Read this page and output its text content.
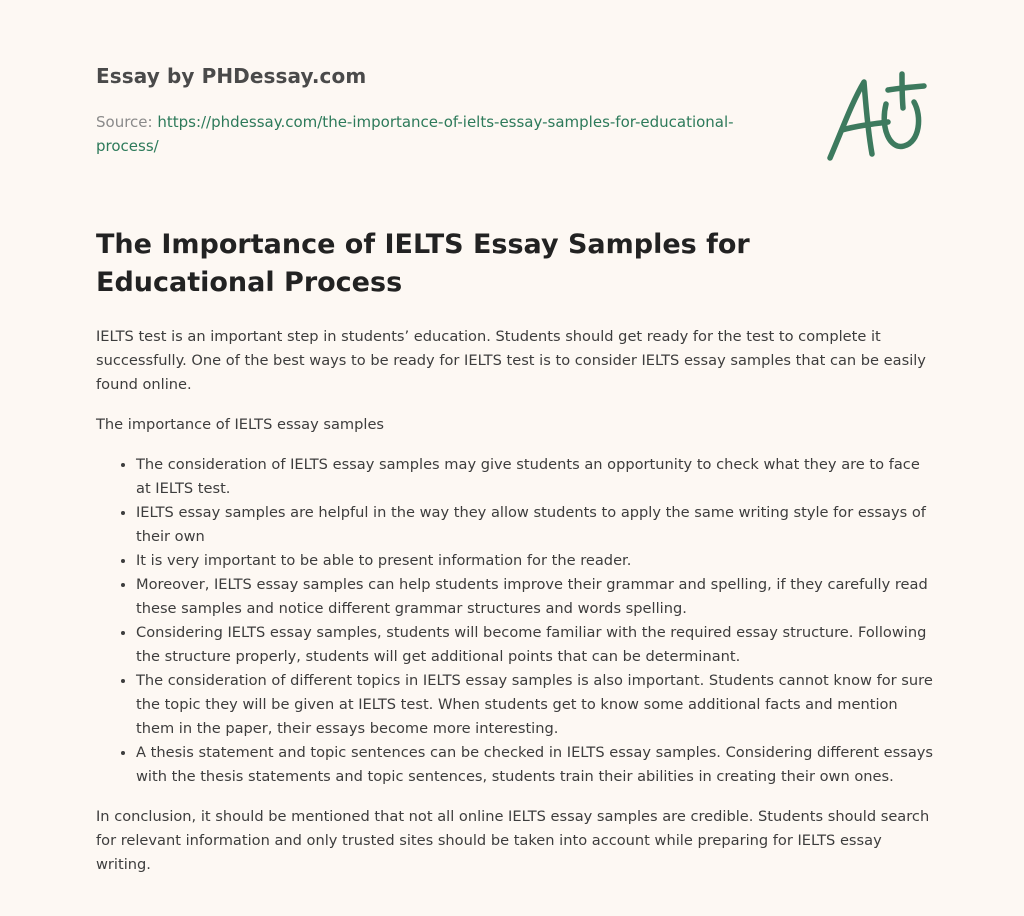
Essay by PHDessay.com
Source: https://phdessay.com/the-importance-of-ielts-essay-samples-for-educational-process/
The Importance of IELTS Essay Samples for Educational Process

IELTS test is an important step in students’ education. Students should get ready for the test to complete it successfully. One of the best ways to be ready for IELTS test is to consider IELTS essay samples that can be easily found online.

The importance of IELTS essay samples

• The consideration of IELTS essay samples may give students an opportunity to check what they are to face at IELTS test.
• IELTS essay samples are helpful in the way they allow students to apply the same writing style for essays of their own
• It is very important to be able to present information for the reader.
• Moreover, IELTS essay samples can help students improve their grammar and spelling, if they carefully read these samples and notice different grammar structures and words spelling.
• Considering IELTS essay samples, students will become familiar with the required essay structure. Following the structure properly, students will get additional points that can be determinant.
• The consideration of different topics in IELTS essay samples is also important. Students cannot know for sure the topic they will be given at IELTS test. When students get to know some additional facts and mention them in the paper, their essays become more interesting.
• A thesis statement and topic sentences can be checked in IELTS essay samples. Considering different essays with the thesis statements and topic sentences, students train their abilities in creating their own ones.

In conclusion, it should be mentioned that not all online IELTS essay samples are credible. Students should search for relevant information and only trusted sites should be taken into account while preparing for IELTS essay writing.
